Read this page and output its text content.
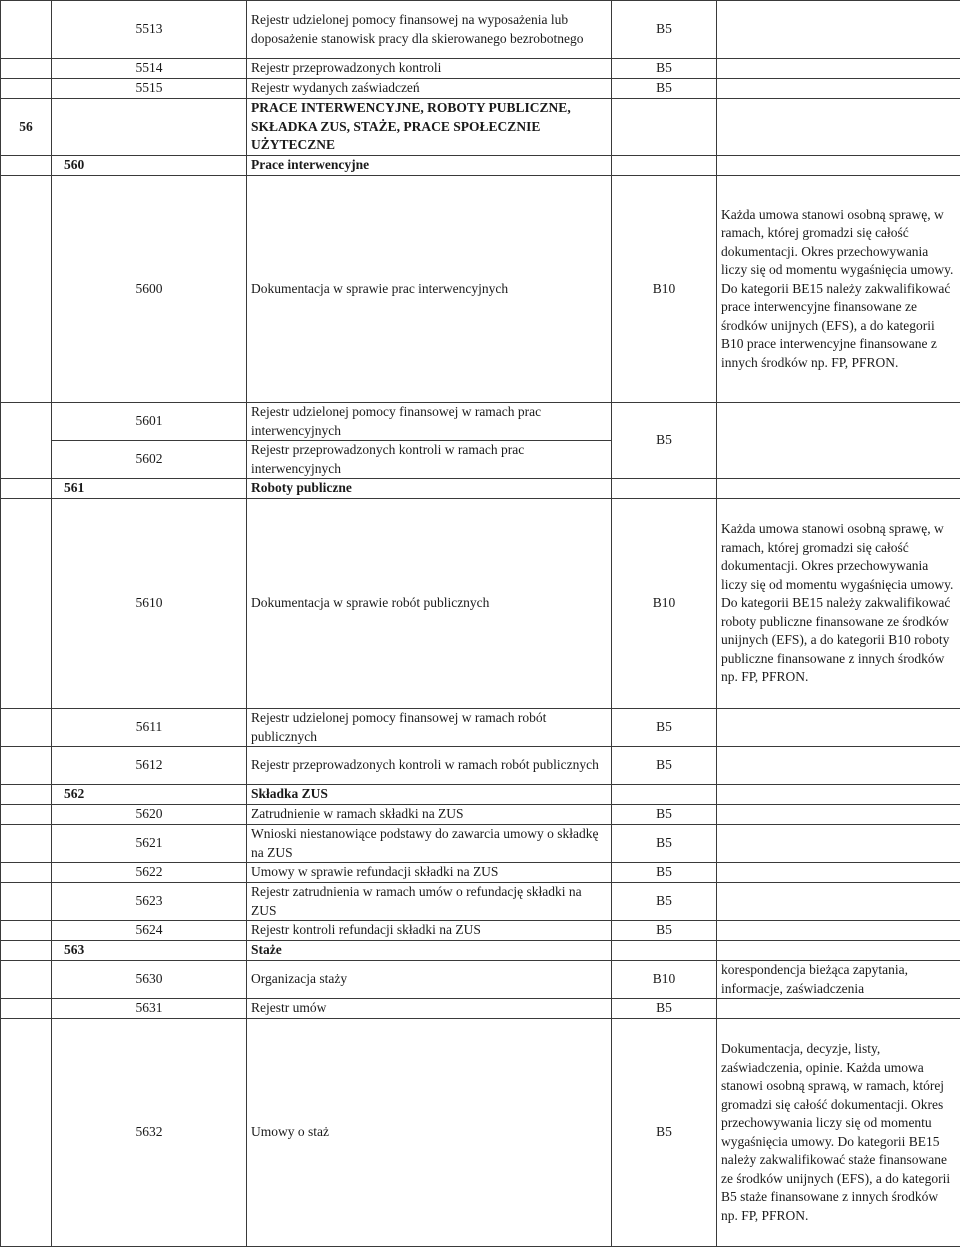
	5513	Rejestr udzielonej pomocy finansowej na wyposażenia lub doposażenie stanowisk pracy dla skierowanego bezrobotnego	B5	
	5514	Rejestr przeprowadzonych kontroli	B5	
	5515	Rejestr wydanych zaświadczeń	B5	
56		PRACE INTERWENCYJNE, ROBOTY PUBLICZNE, SKŁADKA ZUS, STAŻE, PRACE SPOŁECZNIE UŻYTECZNE		
	560	Prace interwencyjne		
	5600	Dokumentacja w sprawie prac interwencyjnych	B10	Każda umowa stanowi osobną sprawę, w ramach, której gromadzi się całość dokumentacji. Okres przechowywania liczy się od momentu wygaśnięcia umowy. Do kategorii BE15 należy zakwalifikować prace interwencyjne finansowane ze środków unijnych (EFS), a do kategorii B10 prace interwencyjne finansowane z innych środków np. FP, PFRON.
	5601	Rejestr udzielonej pomocy finansowej w ramach prac interwencyjnych	B5	
	5602	Rejestr przeprowadzonych kontroli w ramach prac interwencyjnych		
	561	Roboty publiczne		
	5610	Dokumentacja w sprawie robót publicznych	B10	Każda umowa stanowi osobną sprawę, w ramach, której gromadzi się całość dokumentacji. Okres przechowywania liczy się od momentu wygaśnięcia umowy. Do kategorii BE15 należy zakwalifikować roboty publiczne finansowane ze środków unijnych (EFS), a do kategorii B10 roboty publiczne finansowane z innych środków np. FP, PFRON.
	5611	Rejestr udzielonej pomocy finansowej w ramach robót publicznych	B5	
	5612	Rejestr przeprowadzonych kontroli w ramach robót publicznych	B5	
	562	Składka ZUS		
	5620	Zatrudnienie w ramach składki na ZUS	B5	
	5621	Wnioski niestanowiące podstawy do zawarcia umowy o składkę na ZUS	B5	
	5622	Umowy w sprawie refundacji składki na ZUS	B5	
	5623	Rejestr zatrudnienia w ramach umów o refundację składki na ZUS	B5	
	5624	Rejestr kontroli refundacji składki na ZUS	B5	
	563	Staże		
	5630	Organizacja staży	B10	korespondencja bieżąca zapytania, informacje, zaświadczenia
	5631	Rejestr umów	B5	
	5632	Umowy o staż	B5	Dokumentacja, decyzje, listy, zaświadczenia, opinie. Każda umowa stanowi osobną sprawą, w ramach, której gromadzi się całość dokumentacji. Okres przechowywania liczy się od momentu wygaśnięcia umowy. Do kategorii BE15 należy zakwalifikować staże finansowane ze środków unijnych (EFS), a do kategorii B5 staże finansowane z innych środków np. FP, PFRON.
